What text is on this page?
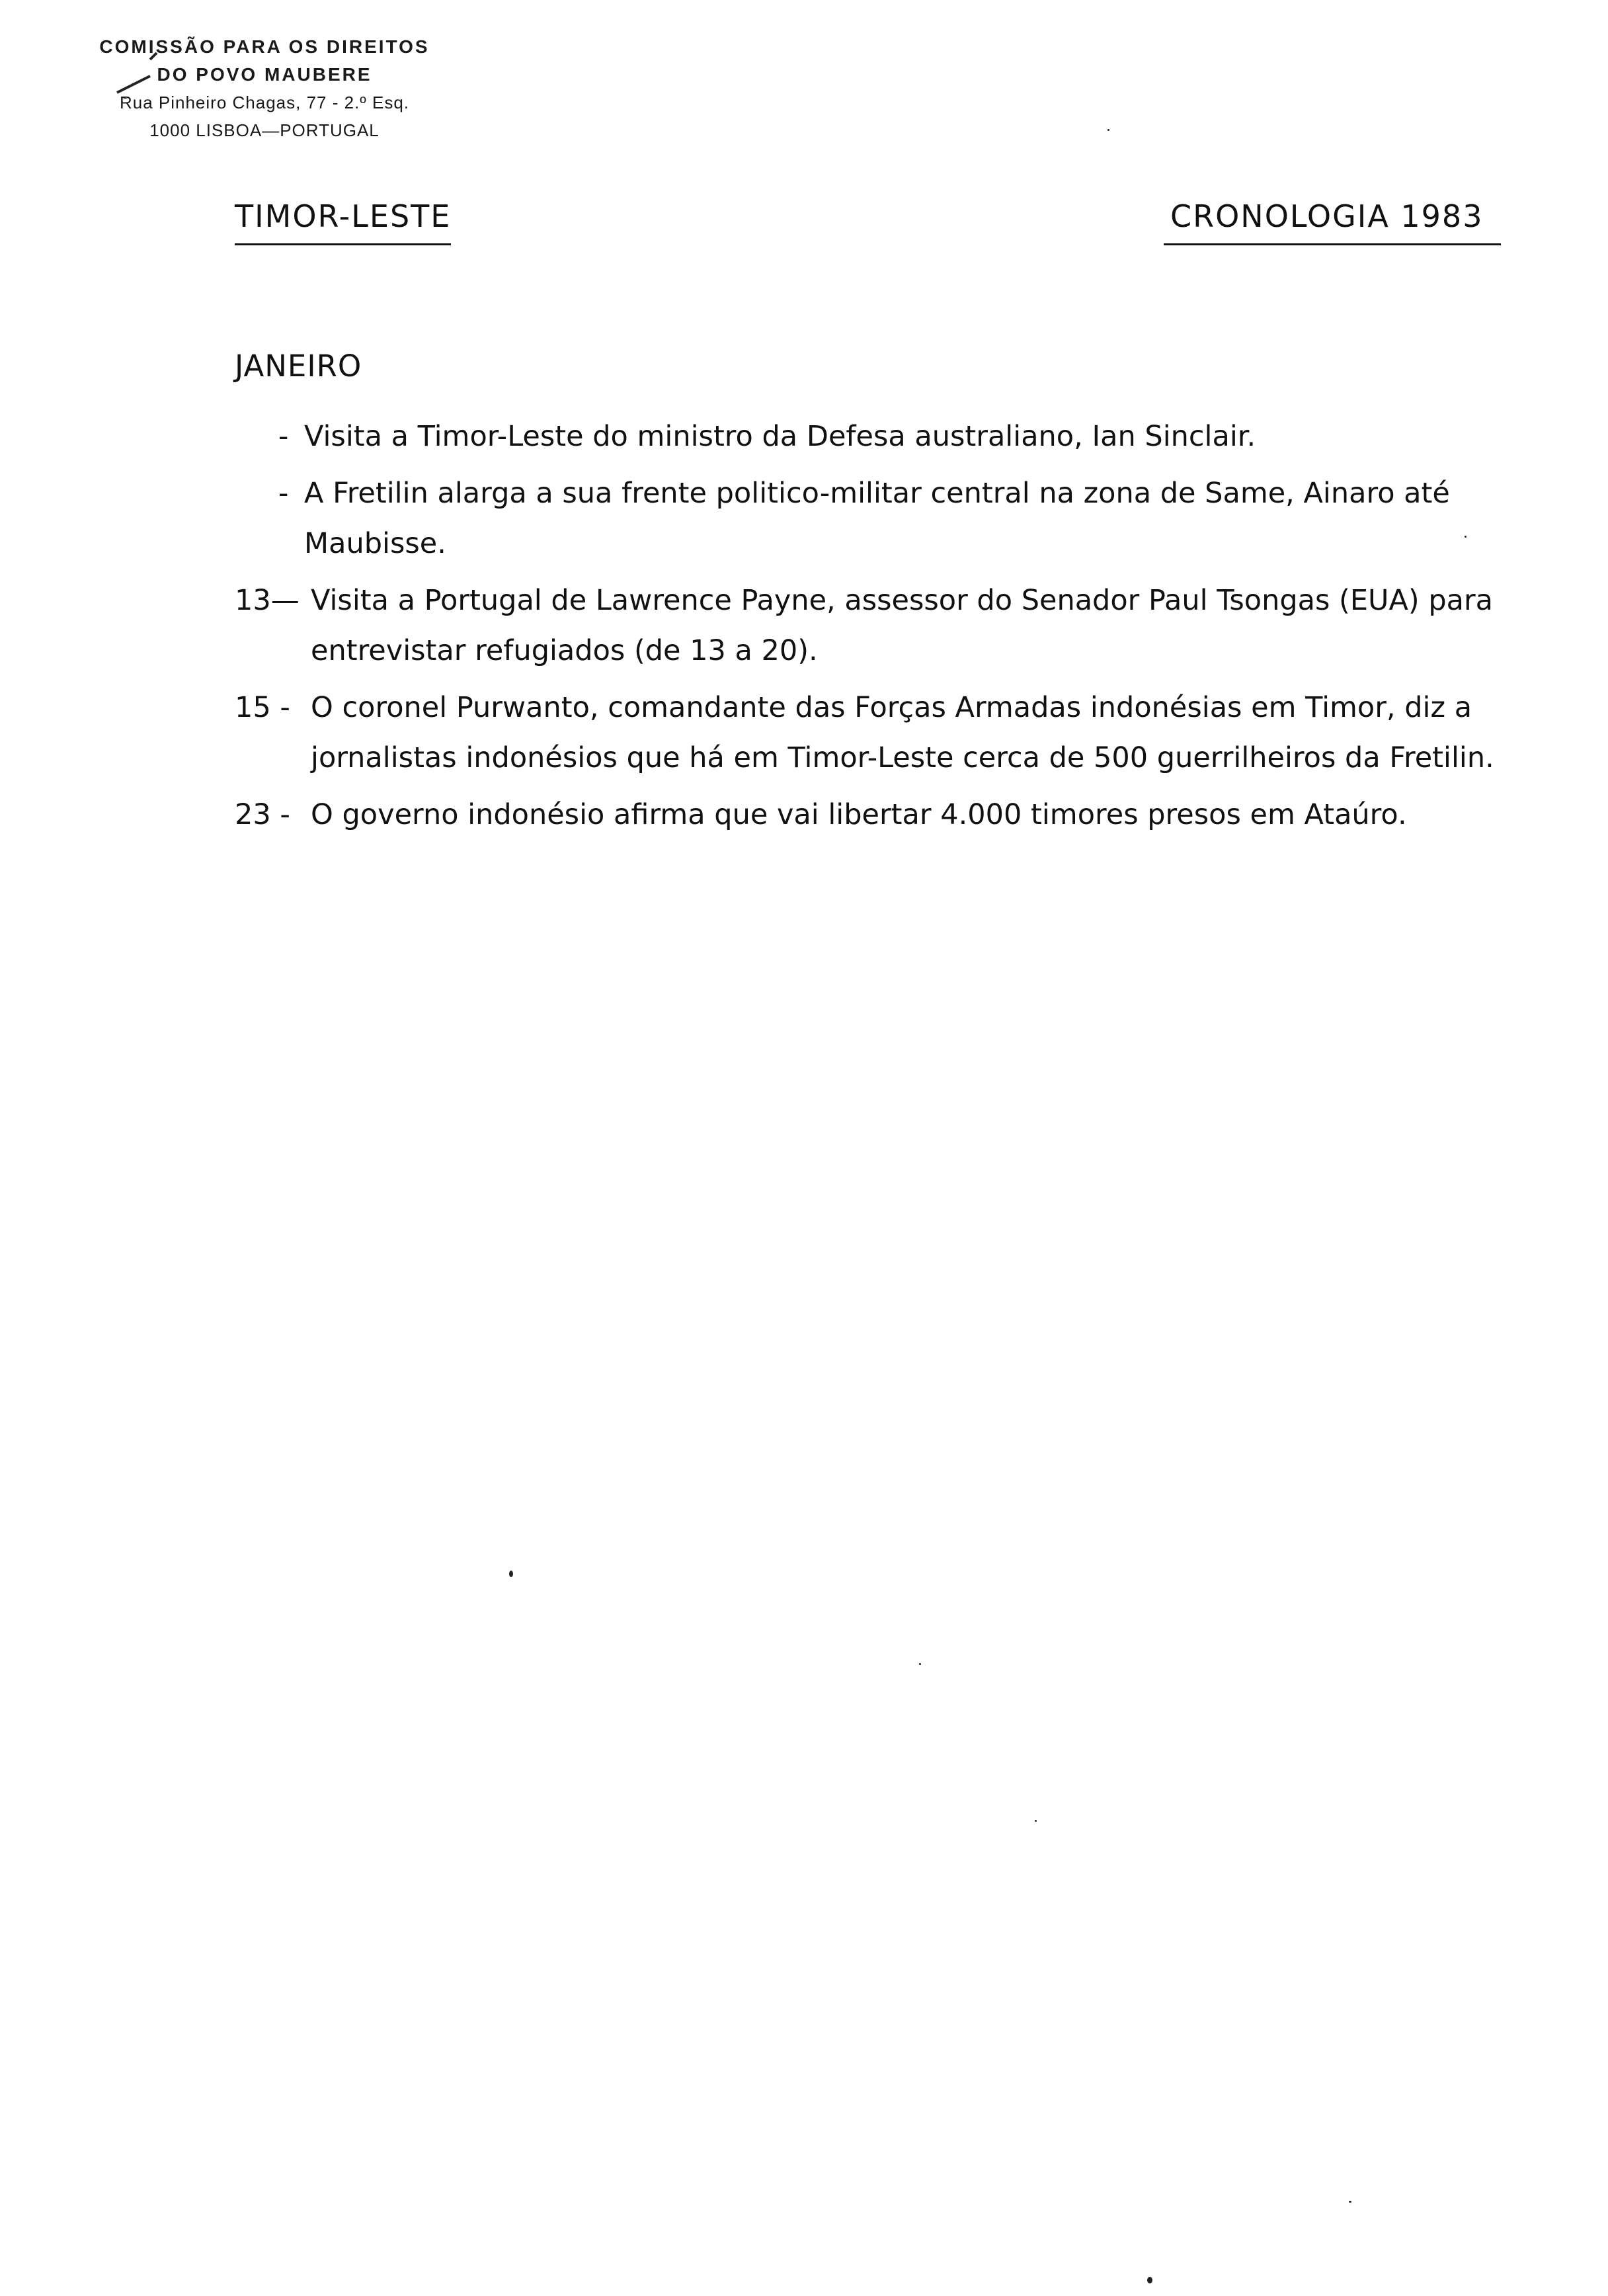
COMISSÃO PARA OS DIREITOS
DO POVO MAUBERE
Rua Pinheiro Chagas, 77 - 2.º Esq.
1000 LISBOA—PORTUGAL
TIMOR-LESTE	CRONOLOGIA 1983
JANEIRO
- Visita a Timor-Leste do ministro da Defesa australiano, Ian Sinclair.
- A Fretilin alarga a sua frente politico-militar central na zona de Same, Ainaro até Maubisse.
13— Visita a Portugal de Lawrence Payne, assessor do Senador Paul Tsongas (EUA) para entrevistar refugiados (de 13 a 20).
15 - O coronel Purwanto, comandante das Forças Armadas indonésias em Timor, diz a jornalistas indonésios que há em Timor-Leste cerca de 500 guerrilheiros da Fretilin.
23 - O governo indonésio afirma que vai libertar 4.000 timores presos em Ataúro.
